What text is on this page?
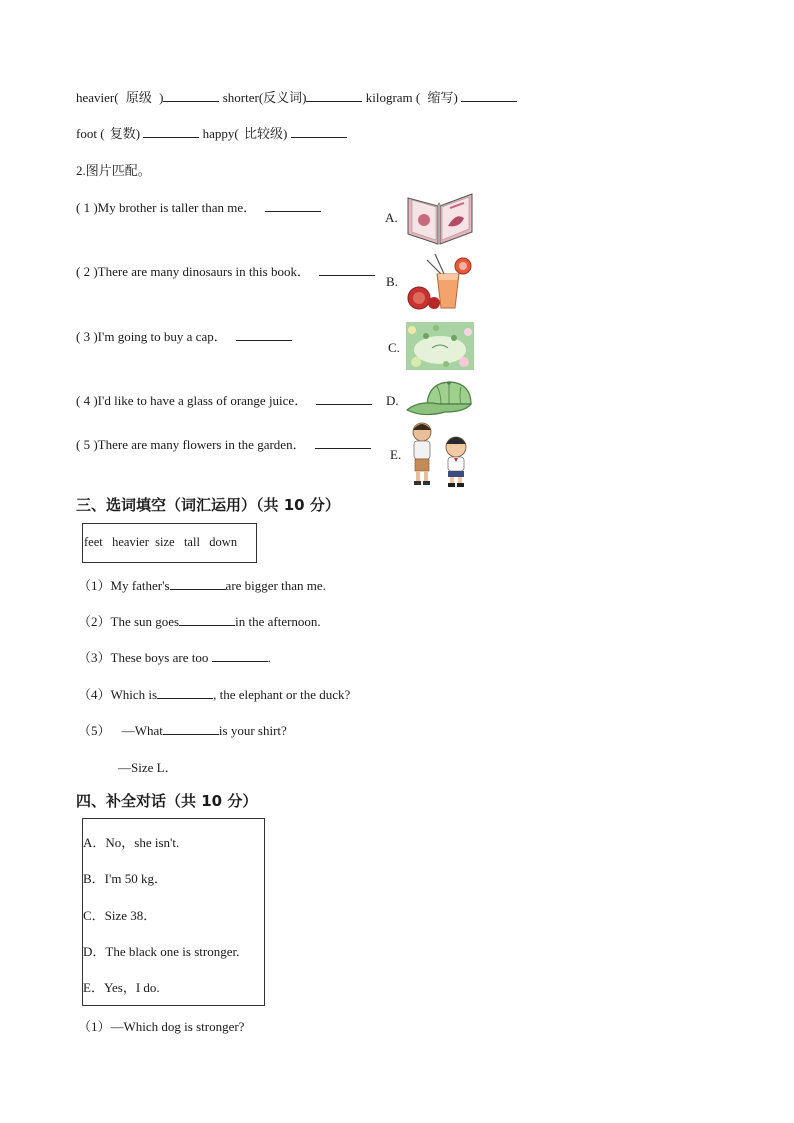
heavier( 原级 )	shorter(反义词)	kilogram ( 缩写)
foot ( 复数)	happy( 比较级)
2.图片匹配。
( 1 )My brother is taller than me．
( 2 )There are many dinosaurs in this book．
( 3 )I'm going to buy a cap．
( 4 )I'd like to have a glass of orange juice．
( 5 )There are many flowers in the garden．
A.
B.
C.
D.
E.
三、选词填空（词汇运用）（共 10 分）
feet   heavier  size   tall   down
（1）My father's	are bigger than me.
（2）The sun goes	in the afternoon.
（3）These boys are too	.
（4）Which is	, the elephant or the duck?
（5） —What	is your shirt?
—Size L．
四、补全对话（共 10 分）
A．No，she isn't.
B．I'm 50 kg．
C．Size 38．
D．The black one is stronger.
E．Yes，I do.
（1）—Which dog is stronger?
